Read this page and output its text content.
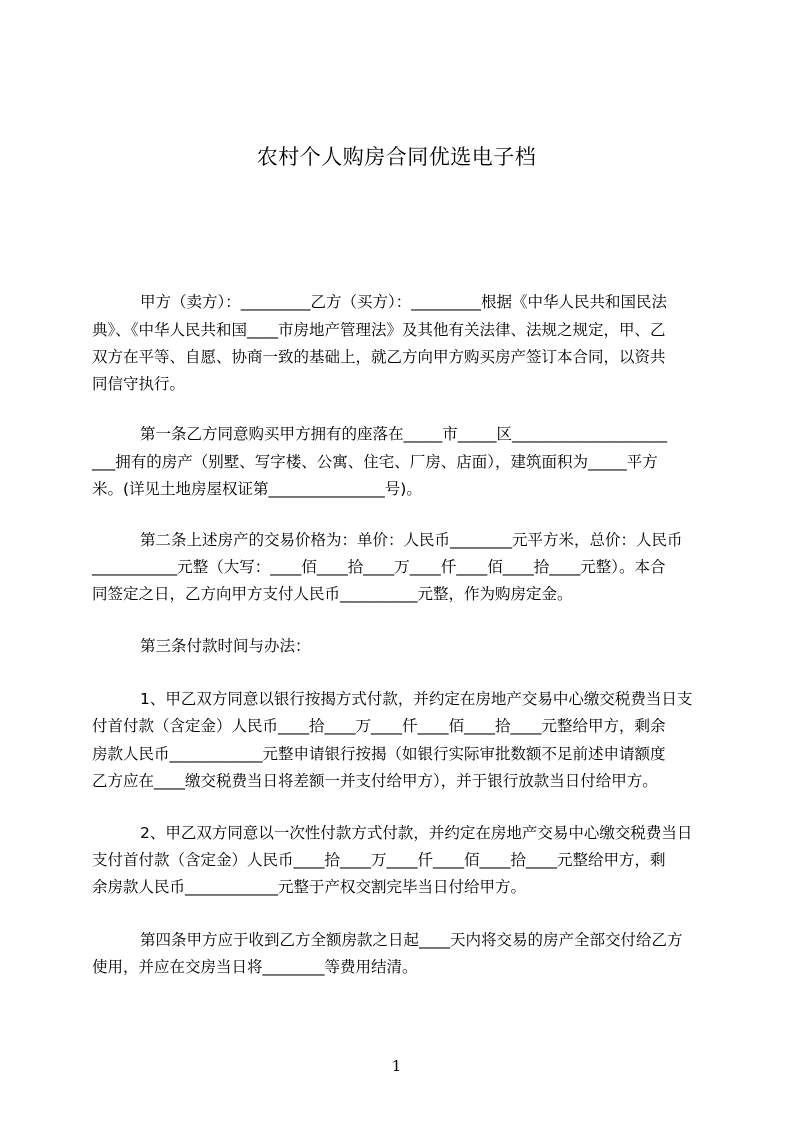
农村个人购房合同优选电子档
甲方（卖方）：_________乙方（买方）：_________根据《中华人民共和国民法
典》、《中华人民共和国____市房地产管理法》及其他有关法律、法规之规定，甲、乙
双方在平等、自愿、协商一致的基础上，就乙方向甲方购买房产签订本合同，以资共
同信守执行。
第一条乙方同意购买甲方拥有的座落在_____市_____区____________________
___拥有的房产（别墅、写字楼、公寓、住宅、厂房、店面），建筑面积为_____平方
米。(详见土地房屋权证第_______________号)。
第二条上述房产的交易价格为：单价：人民币________元平方米，总价：人民币
___________元整（大写：____佰____拾____万____仟____佰____拾____元整）。本合
同签定之日，乙方向甲方支付人民币__________元整，作为购房定金。
第三条付款时间与办法：
1、甲乙双方同意以银行按揭方式付款，并约定在房地产交易中心缴交税费当日支
付首付款（含定金）人民币____拾____万____仟____佰____拾____元整给甲方，剩余
房款人民币____________元整申请银行按揭（如银行实际审批数额不足前述申请额度
乙方应在____缴交税费当日将差额一并支付给甲方），并于银行放款当日付给甲方。
2、甲乙双方同意以一次性付款方式付款，并约定在房地产交易中心缴交税费当日
支付首付款（含定金）人民币____拾____万____仟____佰____拾____元整给甲方，剩
余房款人民币____________元整于产权交割完毕当日付给甲方。
第四条甲方应于收到乙方全额房款之日起____天内将交易的房产全部交付给乙方
使用，并应在交房当日将________等费用结清。
1
